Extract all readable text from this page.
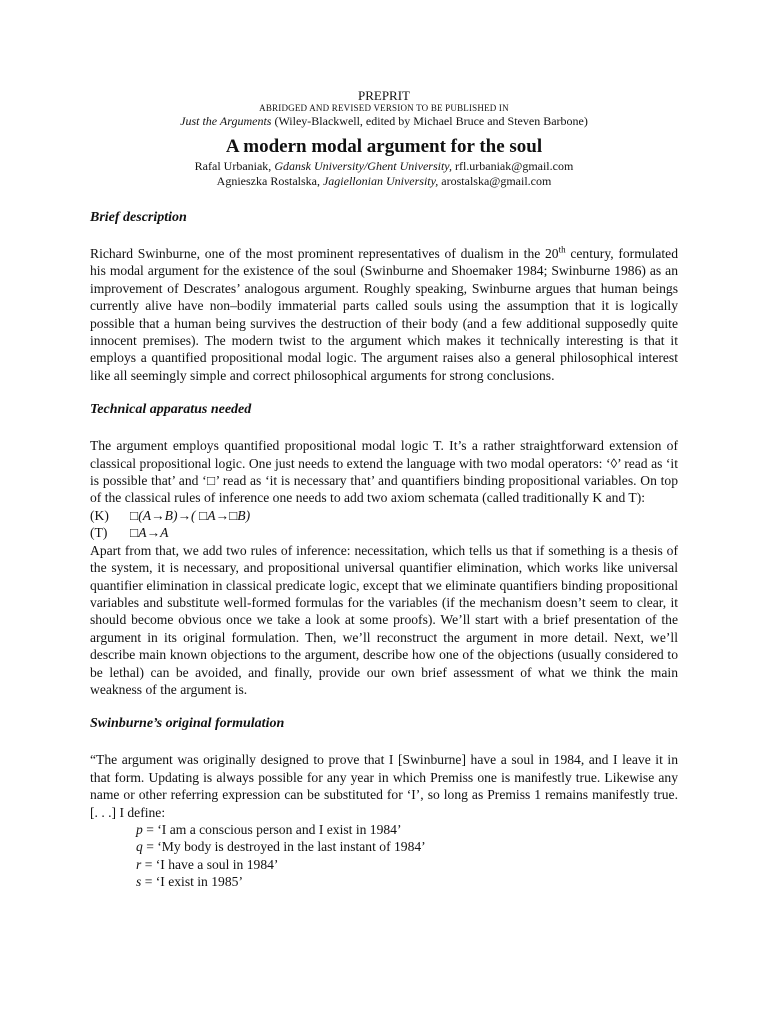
PREPRIT
ABRIDGED AND REVISED VERSION TO BE PUBLISHED IN
Just the Arguments (Wiley-Blackwell, edited by Michael Bruce and Steven Barbone)
A modern modal argument for the soul
Rafal Urbaniak, Gdansk University/Ghent University, rfl.urbaniak@gmail.com
Agnieszka Rostalska, Jagiellonian University, arostalska@gmail.com
Brief description

Richard Swinburne, one of the most prominent representatives of dualism in the 20th century, formulated his modal argument for the existence of the soul (Swinburne and Shoemaker 1984; Swinburne 1986) as an improvement of Descrates’ analogous argument. Roughly speaking, Swinburne argues that human beings currently alive have non–bodily immaterial parts called souls using the assumption that it is logically possible that a human being survives the destruction of their body (and a few additional supposedly quite innocent premises). The modern twist to the argument which makes it technically interesting is that it employs a quantified propositional modal logic. The argument raises also a general philosophical interest like all seemingly simple and correct philosophical arguments for strong conclusions.

Technical apparatus needed

The argument employs quantified propositional modal logic T. It’s a rather straightforward extension of classical propositional logic. One just needs to extend the language with two modal operators: ‘◊’ read as ‘it is possible that’ and ‘□’ read as ‘it is necessary that’ and quantifiers binding propositional variables. On top of the classical rules of inference one needs to add two axiom schemata (called traditionally K and T):

(K) □(A→B)→( □A→□B)
(T) □A→A

Apart from that, we add two rules of inference: necessitation, which tells us that if something is a thesis of the system, it is necessary, and propositional universal quantifier elimination, which works like universal quantifier elimination in classical predicate logic, except that we eliminate quantifiers binding propositional variables and substitute well-formed formulas for the variables (if the mechanism doesn’t seem to clear, it should become obvious once we take a look at some proofs). We’ll start with a brief presentation of the argument in its original formulation. Then, we’ll reconstruct the argument in more detail. Next, we’ll describe main known objections to the argument, describe how one of the objections (usually considered to be lethal) can be avoided, and finally, provide our own brief assessment of what we think the main weakness of the argument is.

Swinburne’s original formulation

“The argument was originally designed to prove that I [Swinburne] have a soul in 1984, and I leave it in that form. Updating is always possible for any year in which Premiss one is manifestly true. Likewise any name or other referring expression can be substituted for ‘I’, so long as Premiss 1 remains manifestly true. [. . .] I define:

p = ‘I am a conscious person and I exist in 1984’
q = ‘My body is destroyed in the last instant of 1984’
r = ‘I have a soul in 1984’
s = ‘I exist in 1985’
